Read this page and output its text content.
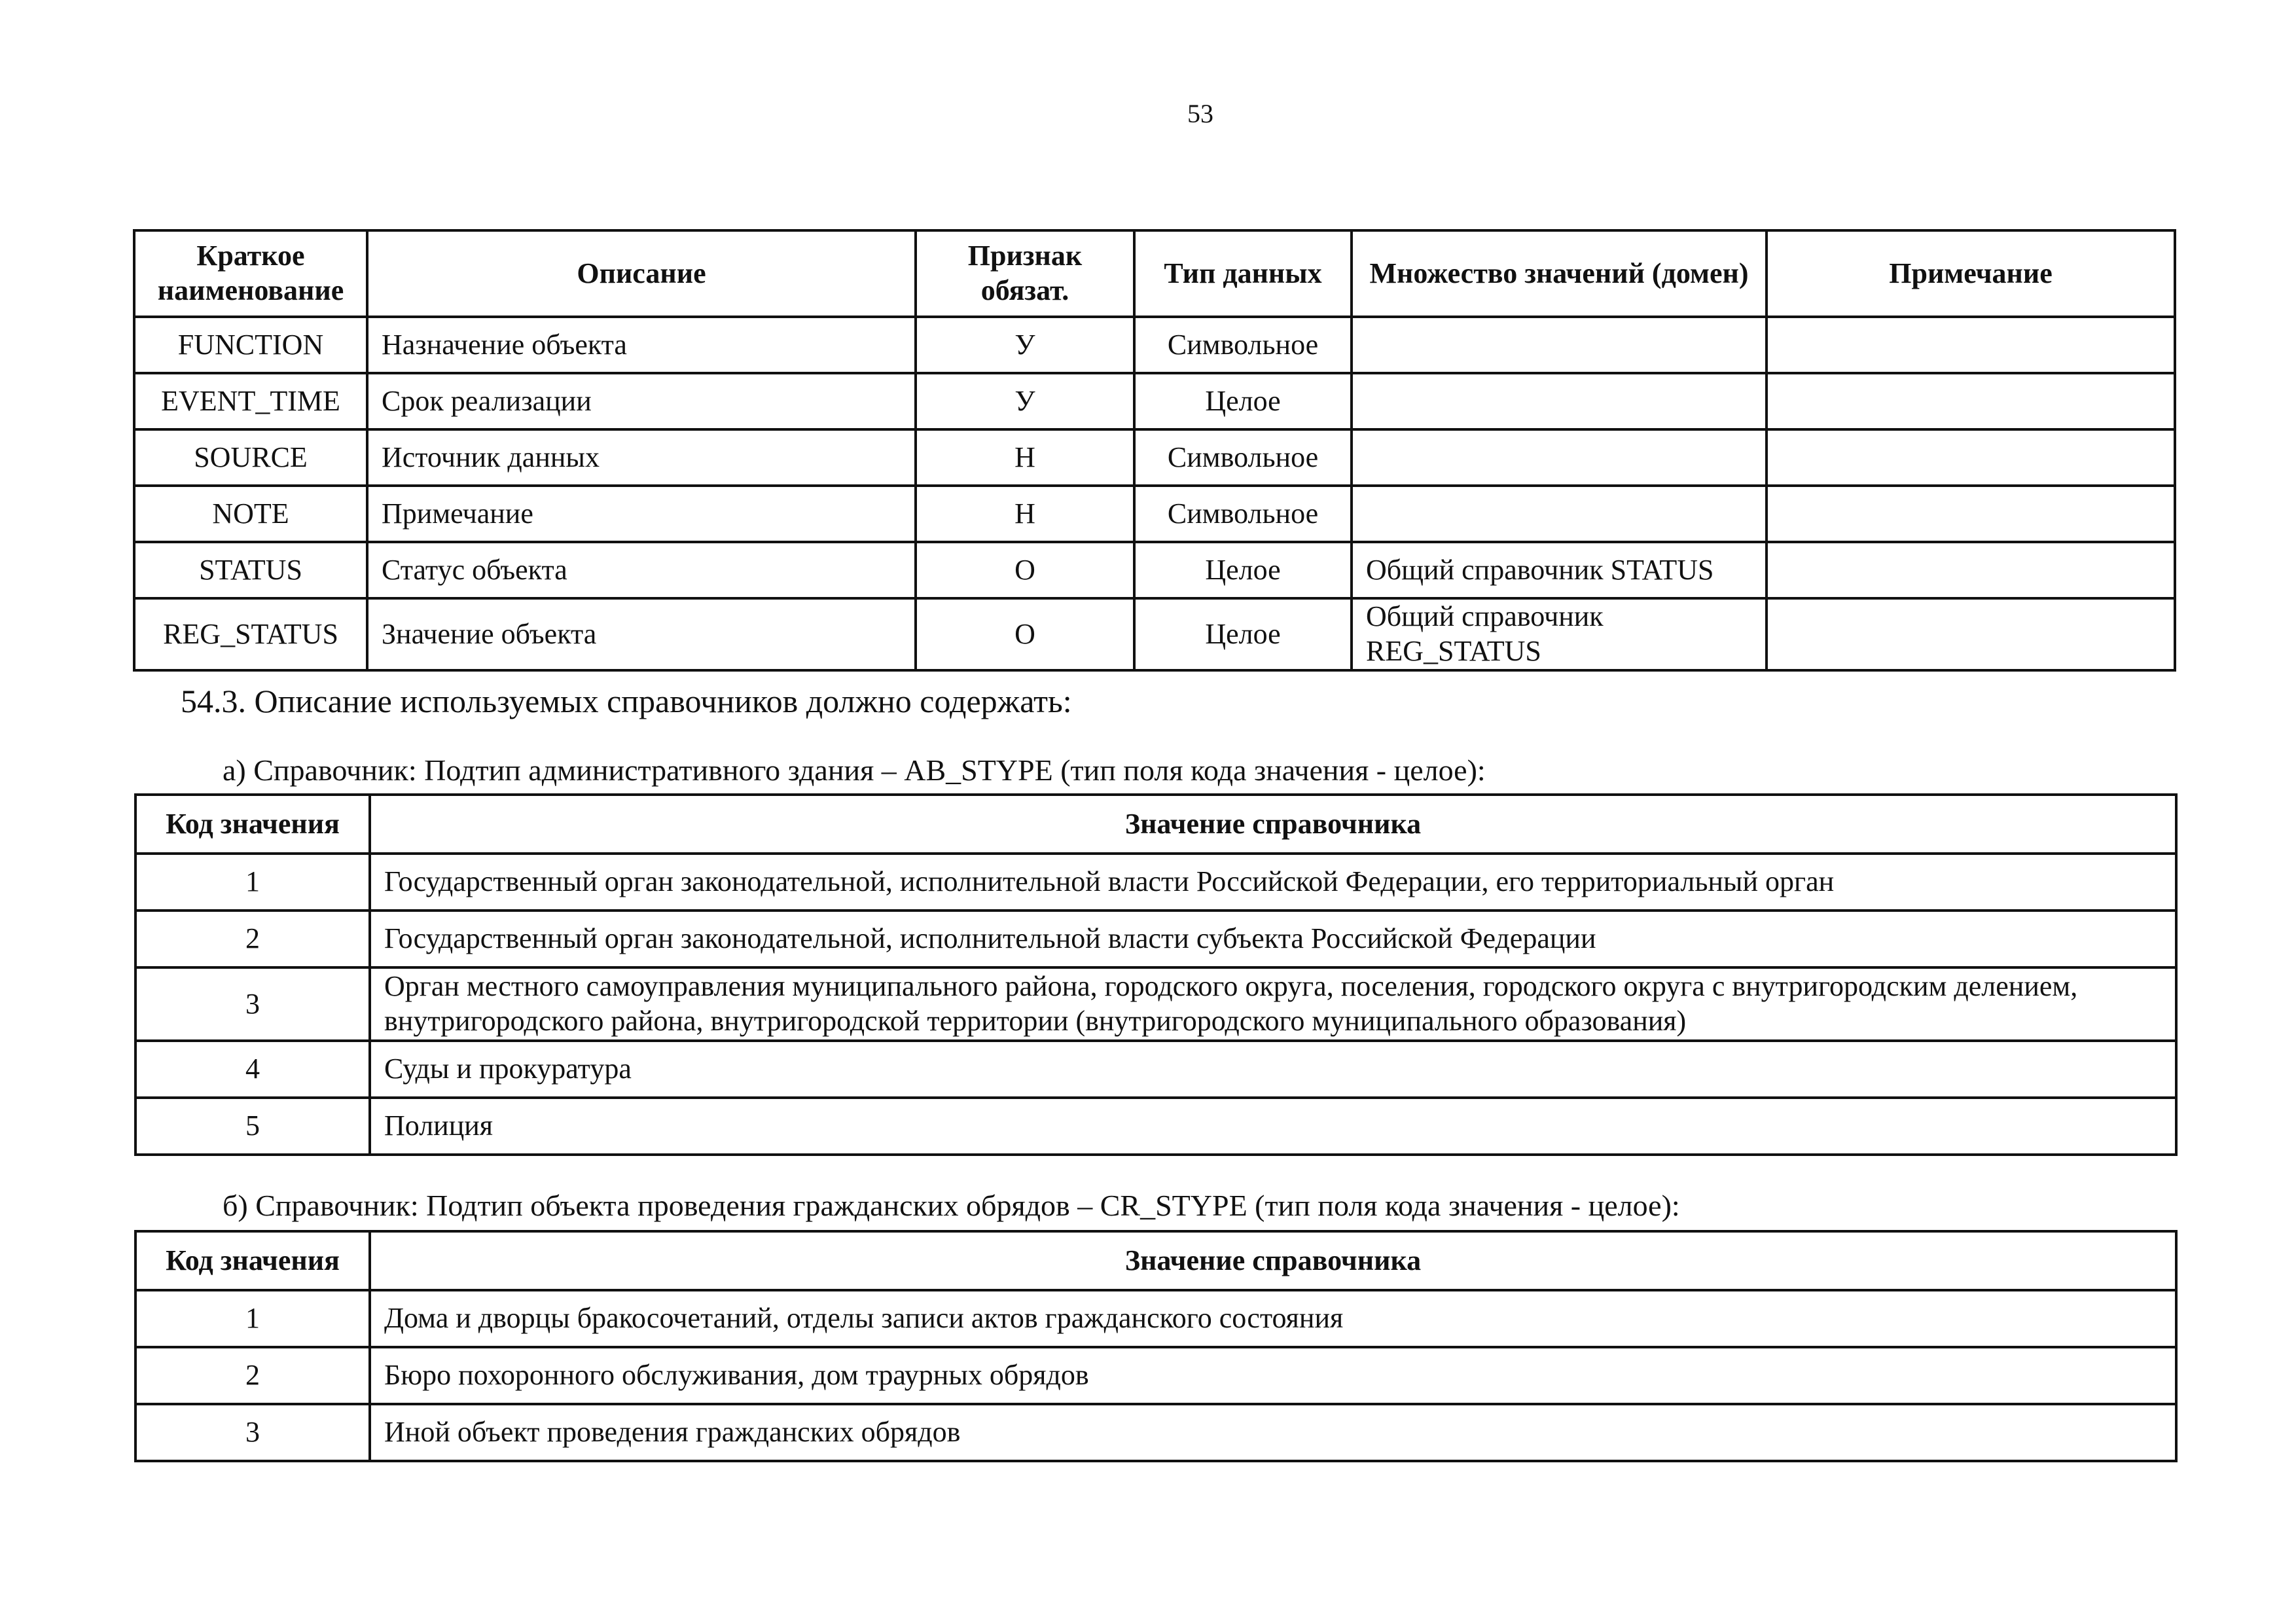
53
Краткое наименование	Описание	Признак обязат.	Тип данных	Множество значений (домен)	Примечание
FUNCTION	Назначение объекта	У	Символьное		
EVENT_TIME	Срок реализации	У	Целое		
SOURCE	Источник данных	Н	Символьное		
NOTE	Примечание	Н	Символьное		
STATUS	Статус объекта	О	Целое	Общий справочник STATUS	
REG_STATUS	Значение объекта	О	Целое	Общий справочник REG_STATUS	
54.3. Описание используемых справочников должно содержать:
а) Справочник: Подтип административного здания – AB_STYPE (тип поля кода значения - целое):
Код значения	Значение справочника
1	Государственный орган законодательной, исполнительной власти Российской Федерации, его территориальный орган
2	Государственный орган законодательной, исполнительной власти субъекта Российской Федерации
3	Орган местного самоуправления муниципального района, городского округа, поселения, городского округа с внутригородским делением, внутригородского района, внутригородской территории (внутригородского муниципального образования)
4	Суды и прокуратура
5	Полиция
б) Справочник: Подтип объекта проведения гражданских обрядов – CR_STYPE (тип поля кода значения - целое):
Код значения	Значение справочника
1	Дома и дворцы бракосочетаний, отделы записи актов гражданского состояния
2	Бюро похоронного обслуживания, дом траурных обрядов
3	Иной объект проведения гражданских обрядов
